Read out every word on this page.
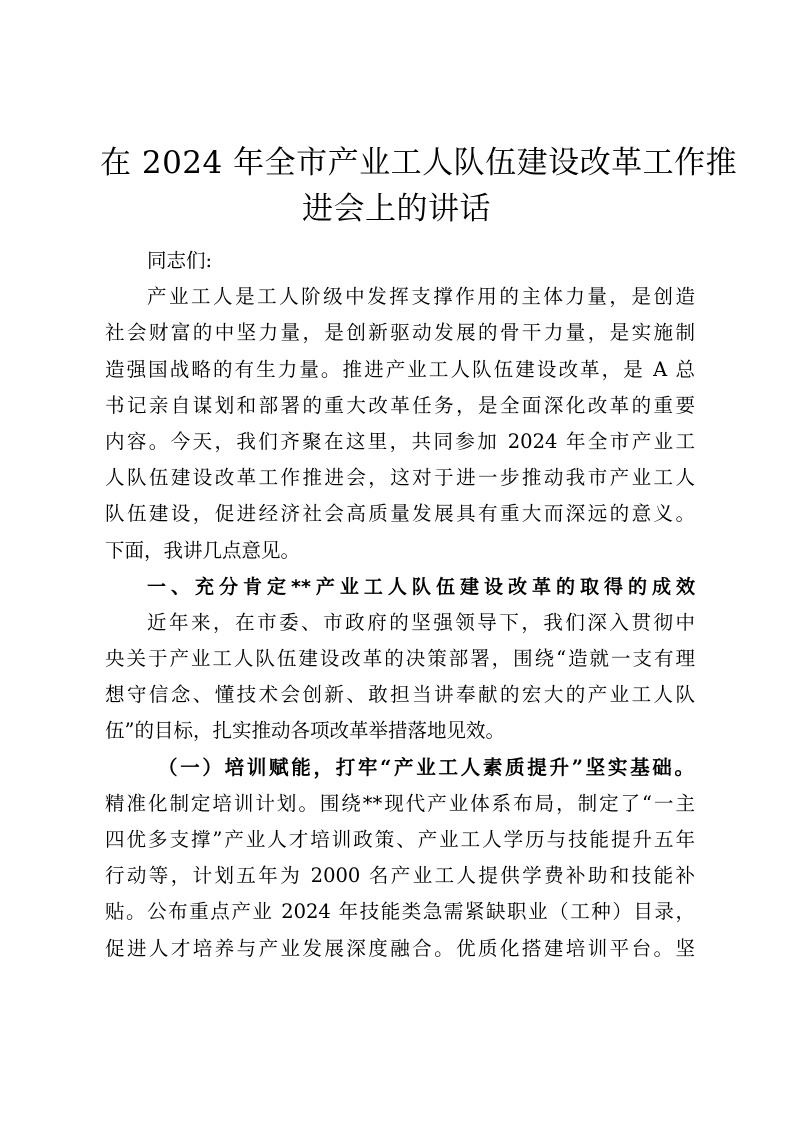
在 2024 年全市产业工人队伍建设改革工作推
进会上的讲话
同志们:
产业工人是工人阶级中发挥支撑作用的主体力量，是创造
社会财富的中坚力量，是创新驱动发展的骨干力量，是实施制
造强国战略的有生力量。推进产业工人队伍建设改革，是 A 总
书记亲自谋划和部署的重大改革任务，是全面深化改革的重要
内容。今天，我们齐聚在这里，共同参加 2024 年全市产业工
人队伍建设改革工作推进会，这对于进一步推动我市产业工人
队伍建设，促进经济社会高质量发展具有重大而深远的意义。
下面，我讲几点意见。
一、充分肯定**产业工人队伍建设改革的取得的成效
近年来，在市委、市政府的坚强领导下，我们深入贯彻中
央关于产业工人队伍建设改革的决策部署，围绕“造就一支有理
想守信念、懂技术会创新、敢担当讲奉献的宏大的产业工人队
伍”的目标，扎实推动各项改革举措落地见效。
（一）培训赋能，打牢“产业工人素质提升”坚实基础。
精准化制定培训计划。围绕**现代产业体系布局，制定了“一主
四优多支撑”产业人才培训政策、产业工人学历与技能提升五年
行动等，计划五年为 2000 名产业工人提供学费补助和技能补
贴。公布重点产业 2024 年技能类急需紧缺职业（工种）目录，
促进人才培养与产业发展深度融合。优质化搭建培训平台。坚
